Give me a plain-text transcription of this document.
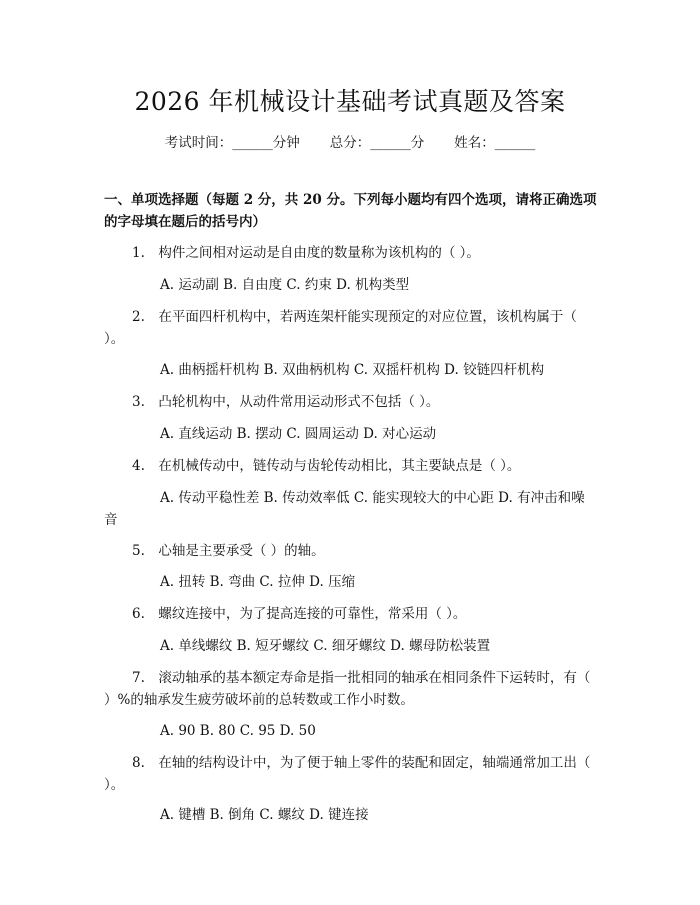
2026 年机械设计基础考试真题及答案
考试时间：______分钟 总分：______分 姓名：______
一、单项选择题（每题 2 分，共 20 分。下列每小题均有四个选项，请将正确选项的字母填在题后的括号内）
1.　 构件之间相对运动是自由度的数量称为该机构的（ ）。
A. 运动副 B. 自由度 C. 约束 D. 机构类型
2.　 在平面四杆机构中，若两连架杆能实现预定的对应位置，该机构属于（ ）。
A. 曲柄摇杆机构 B. 双曲柄机构 C. 双摇杆机构 D. 铰链四杆机构
3.　 凸轮机构中，从动件常用运动形式不包括（ ）。
A. 直线运动 B. 摆动 C. 圆周运动 D. 对心运动
4.　 在机械传动中，链传动与齿轮传动相比，其主要缺点是（ ）。
A. 传动平稳性差 B. 传动效率低 C. 能实现较大的中心距 D. 有冲击和噪音
5.　 心轴是主要承受（ ）的轴。
A. 扭转 B. 弯曲 C. 拉伸 D. 压缩
6.　 螺纹连接中，为了提高连接的可靠性，常采用（ ）。
A. 单线螺纹 B. 短牙螺纹 C. 细牙螺纹 D. 螺母防松装置
7.　 滚动轴承的基本额定寿命是指一批相同的轴承在相同条件下运转时，有（ ）%的轴承发生疲劳破坏前的总转数或工作小时数。
A. 90 B. 80 C. 95 D. 50
8.　 在轴的结构设计中，为了便于轴上零件的装配和固定，轴端通常加工出（ ）。
A. 键槽 B. 倒角 C. 螺纹 D. 键连接
